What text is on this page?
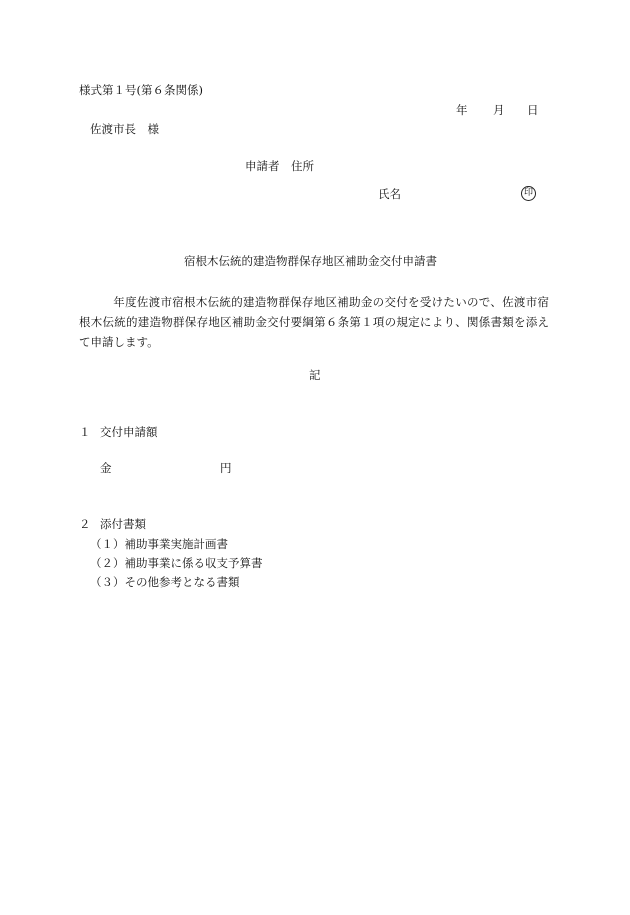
様式第１号(第６条関係)
年 月 日
佐渡市長　様
申請者 住所
氏名	印
宿根木伝統的建造物群保存地区補助金交付申請書
年度佐渡市宿根木伝統的建造物群保存地区補助金の交付を受けたいので、佐渡市宿根木伝統的建造物群保存地区補助金交付要綱第６条第１項の規定により、関係書類を添えて申請します。
記
１ 交付申請額
金	円
２ 添付書類
（１）補助事業実施計画書
（２）補助事業に係る収支予算書
（３）その他参考となる書類
